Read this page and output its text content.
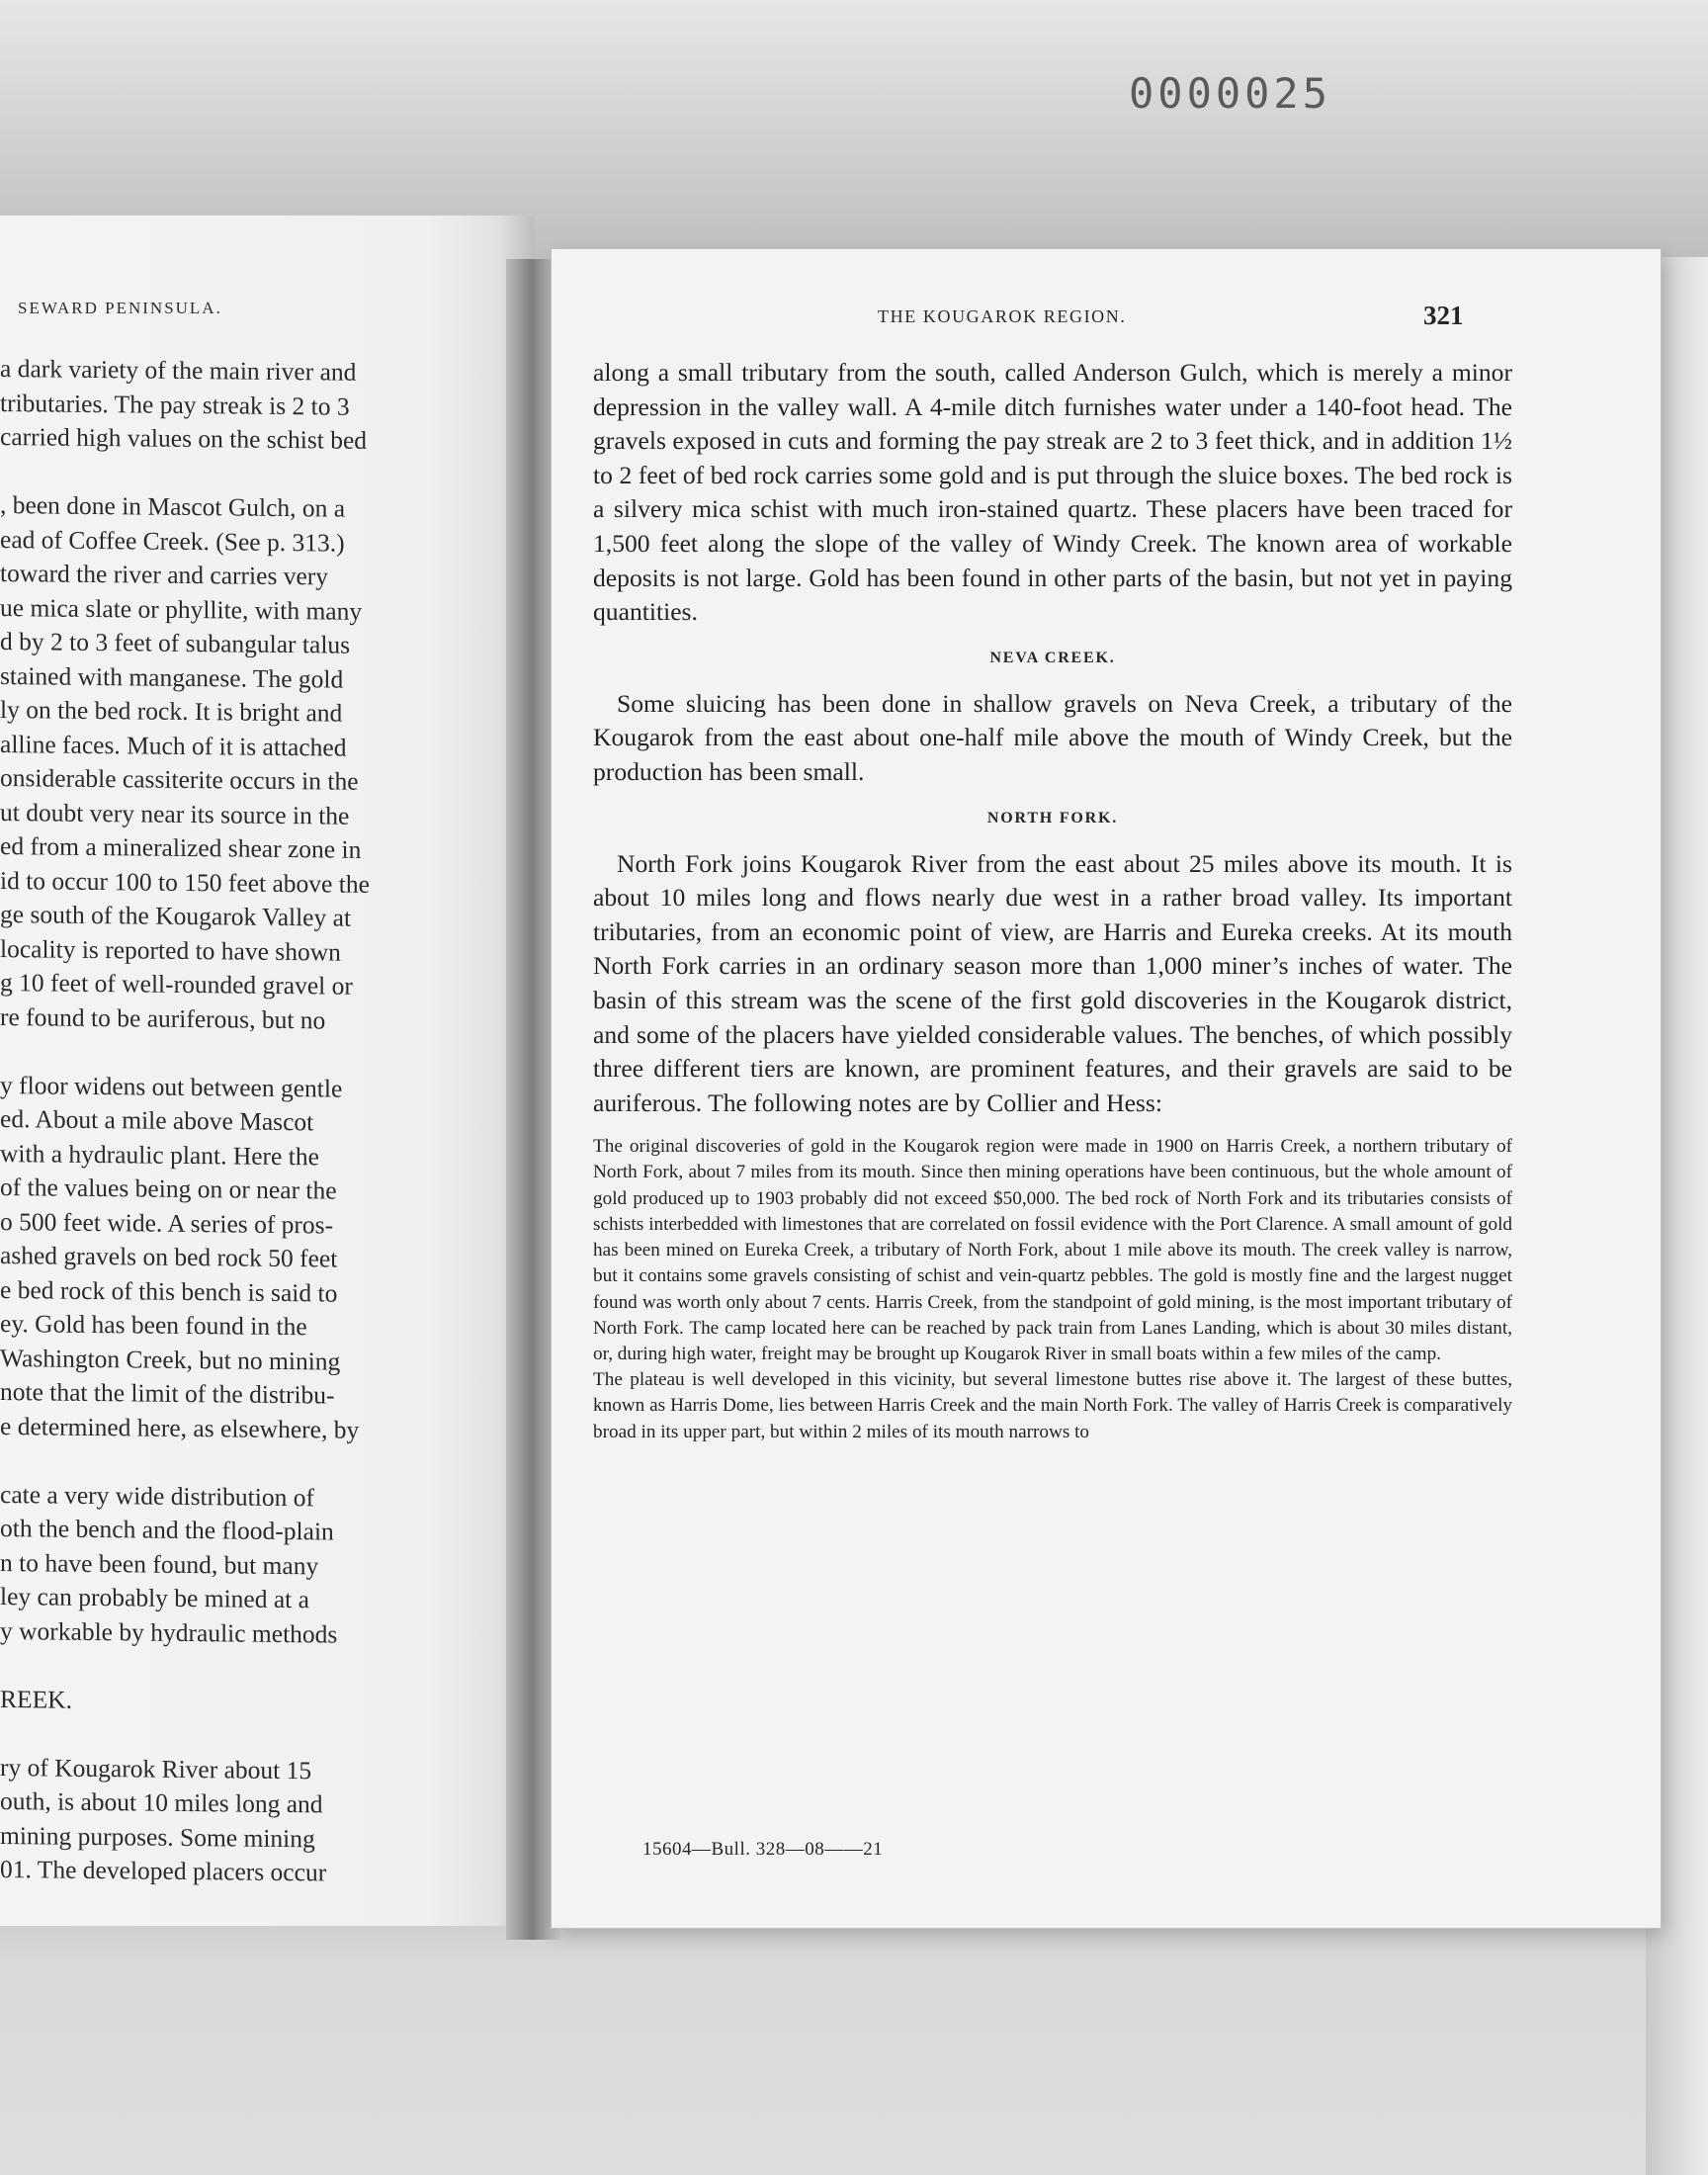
0000025
SEWARD PENINSULA.
a dark variety of the main river and
tributaries. The pay streak is 2 to 3
carried high values on the schist bed

, been done in Mascot Gulch, on a
ead of Coffee Creek. (See p. 313.)
toward the river and carries very
ue mica slate or phyllite, with many
d by 2 to 3 feet of subangular talus
stained with manganese. The gold
ly on the bed rock. It is bright and
alline faces. Much of it is attached
onsiderable cassiterite occurs in the
ut doubt very near its source in the
ed from a mineralized shear zone in
id to occur 100 to 150 feet above the
ge south of the Kougarok Valley at
locality is reported to have shown
g 10 feet of well-rounded gravel or
re found to be auriferous, but no

y floor widens out between gentle
ed. About a mile above Mascot
with a hydraulic plant. Here the
of the values being on or near the
o 500 feet wide. A series of pros-
ashed gravels on bed rock 50 feet
e bed rock of this bench is said to
ey. Gold has been found in the
Washington Creek, but no mining
note that the limit of the distribu-
e determined here, as elsewhere, by

cate a very wide distribution of
oth the bench and the flood-plain
n to have been found, but many
ley can probably be mined at a
y workable by hydraulic methods

REEK.

ry of Kougarok River about 15
outh, is about 10 miles long and
mining purposes. Some mining
01. The developed placers occur
THE KOUGAROK REGION.	321

along a small tributary from the south, called Anderson Gulch, which is merely a minor depression in the valley wall. A 4-mile ditch furnishes water under a 140-foot head. The gravels exposed in cuts and forming the pay streak are 2 to 3 feet thick, and in addition 1½ to 2 feet of bed rock carries some gold and is put through the sluice boxes. The bed rock is a silvery mica schist with much iron-stained quartz. These placers have been traced for 1,500 feet along the slope of the valley of Windy Creek. The known area of workable deposits is not large. Gold has been found in other parts of the basin, but not yet in paying quantities.

NEVA CREEK.

Some sluicing has been done in shallow gravels on Neva Creek, a tributary of the Kougarok from the east about one-half mile above the mouth of Windy Creek, but the production has been small.

NORTH FORK.

North Fork joins Kougarok River from the east about 25 miles above its mouth. It is about 10 miles long and flows nearly due west in a rather broad valley. Its important tributaries, from an economic point of view, are Harris and Eureka creeks. At its mouth North Fork carries in an ordinary season more than 1,000 miner’s inches of water. The basin of this stream was the scene of the first gold discoveries in the Kougarok district, and some of the placers have yielded considerable values. The benches, of which possibly three different tiers are known, are prominent features, and their gravels are said to be auriferous. The following notes are by Collier and Hess:

The original discoveries of gold in the Kougarok region were made in 1900 on Harris Creek, a northern tributary of North Fork, about 7 miles from its mouth. Since then mining operations have been continuous, but the whole amount of gold produced up to 1903 probably did not exceed $50,000. The bed rock of North Fork and its tributaries consists of schists interbedded with limestones that are correlated on fossil evidence with the Port Clarence. A small amount of gold has been mined on Eureka Creek, a tributary of North Fork, about 1 mile above its mouth. The creek valley is narrow, but it contains some gravels consisting of schist and vein-quartz pebbles. The gold is mostly fine and the largest nugget found was worth only about 7 cents. Harris Creek, from the standpoint of gold mining, is the most important tributary of North Fork. The camp located here can be reached by pack train from Lanes Landing, which is about 30 miles distant, or, during high water, freight may be brought up Kougarok River in small boats within a few miles of the camp.

The plateau is well developed in this vicinity, but several limestone buttes rise above it. The largest of these buttes, known as Harris Dome, lies between Harris Creek and the main North Fork. The valley of Harris Creek is comparatively broad in its upper part, but within 2 miles of its mouth narrows to

15604—Bull. 328—08——21
